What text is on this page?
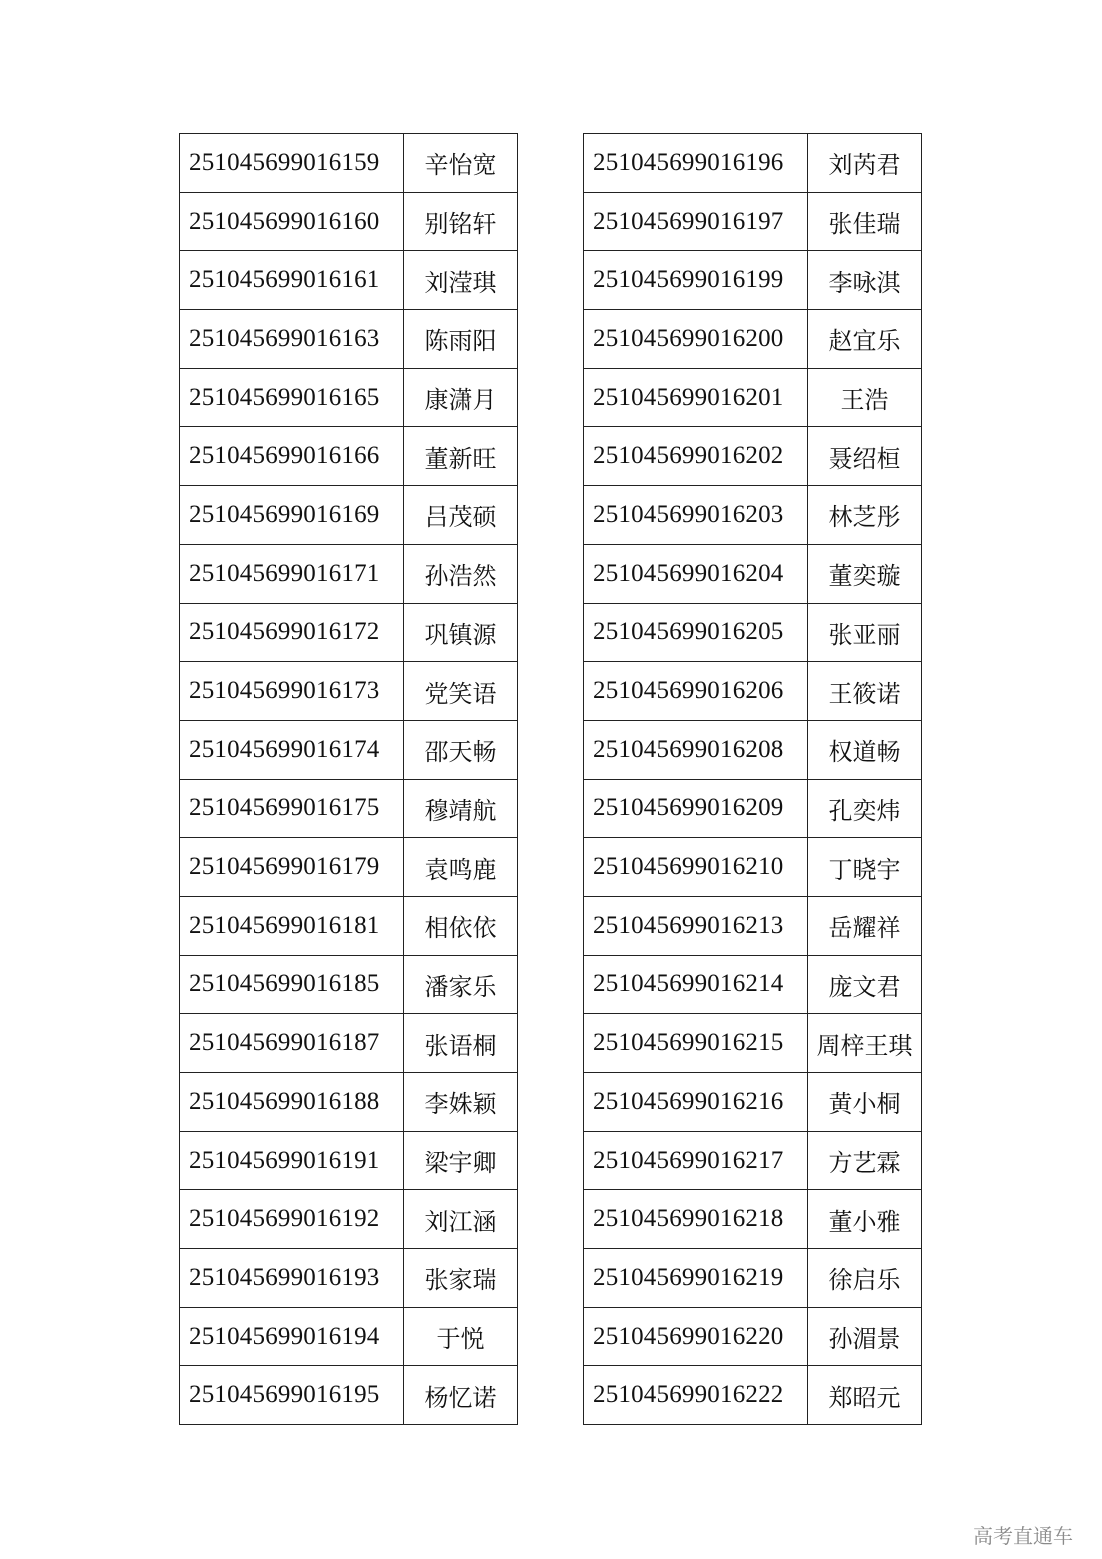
251045699016159	辛怡宽
251045699016160	别铭轩
251045699016161	刘滢琪
251045699016163	陈雨阳
251045699016165	康潇月
251045699016166	董新旺
251045699016169	吕茂硕
251045699016171	孙浩然
251045699016172	巩镇源
251045699016173	党笑语
251045699016174	邵天畅
251045699016175	穆靖航
251045699016179	袁鸣鹿
251045699016181	相依依
251045699016185	潘家乐
251045699016187	张语桐
251045699016188	李姝颖
251045699016191	梁宇卿
251045699016192	刘江涵
251045699016193	张家瑞
251045699016194	于悦
251045699016195	杨忆诺
251045699016196	刘芮君
251045699016197	张佳瑞
251045699016199	李咏淇
251045699016200	赵宜乐
251045699016201	王浩
251045699016202	聂绍桓
251045699016203	林芝彤
251045699016204	董奕璇
251045699016205	张亚丽
251045699016206	王筱诺
251045699016208	权道畅
251045699016209	孔奕炜
251045699016210	丁晓宇
251045699016213	岳耀祥
251045699016214	庞文君
251045699016215	周梓王琪
251045699016216	黄小桐
251045699016217	方艺霖
251045699016218	董小雅
251045699016219	徐启乐
251045699016220	孙湄景
251045699016222	郑昭元
高考直通车
